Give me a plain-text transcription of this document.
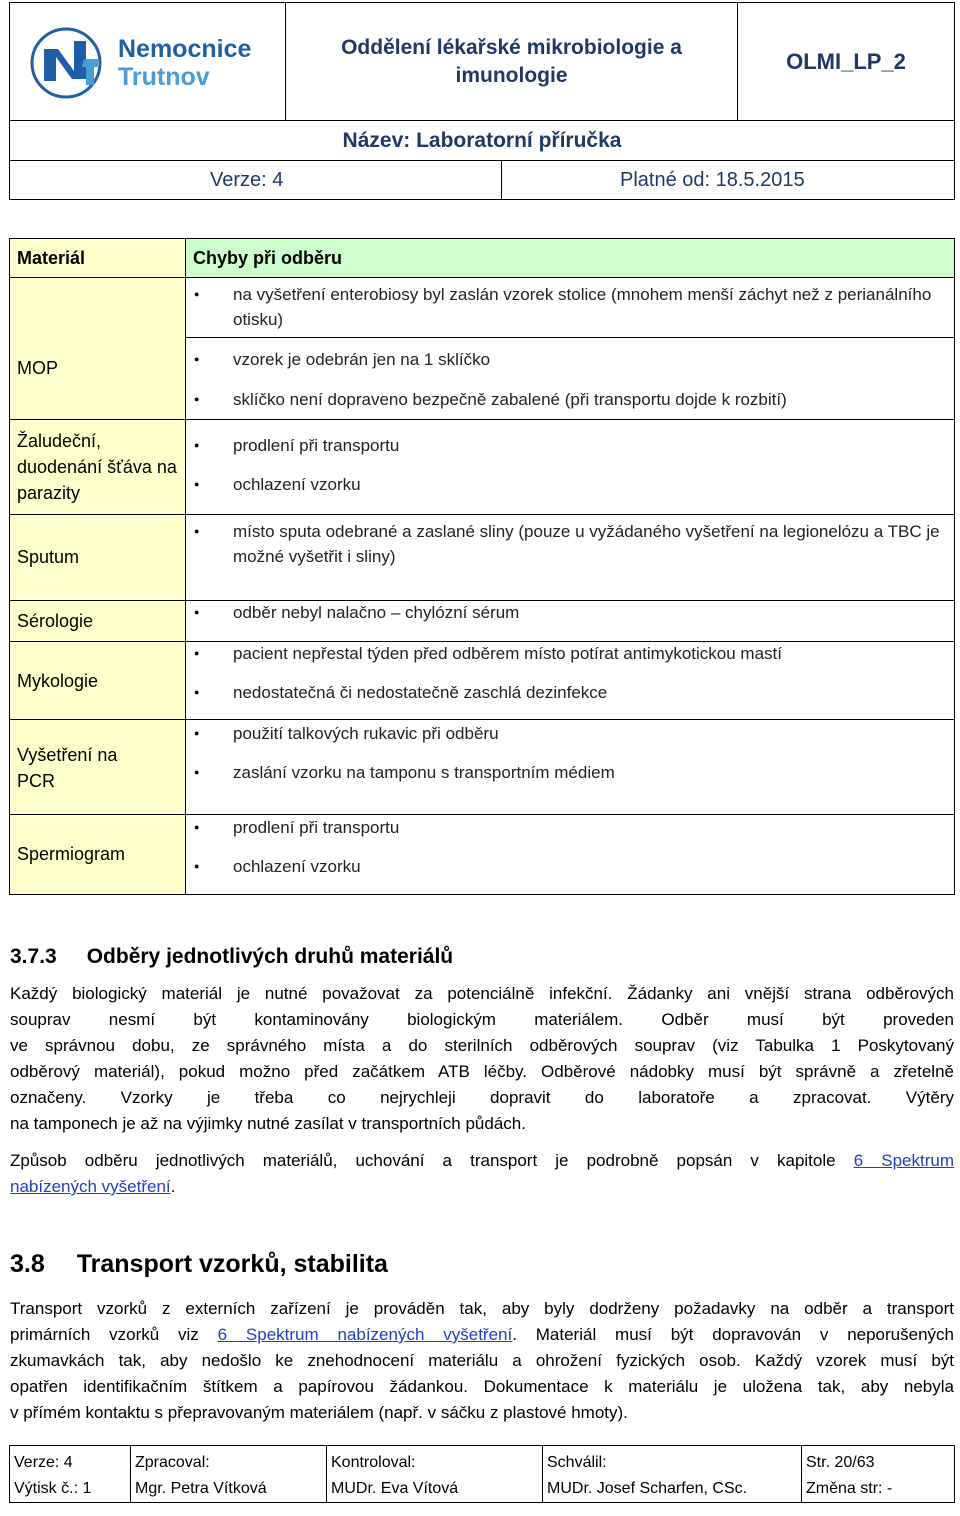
Nemocnice
Trutnov
Oddělení lékařské mikrobiologie a imunologie
OLMI_LP_2
Název: Laboratorní příručka
Verze: 4	Platné od: 18.5.2015
Materiál	Chyby při odběru
MOP
Žaludeční, duodenání šťáva na parazity
Sputum
Sérologie
Mykologie
Vyšetření na PCR
Spermiogram
● na vyšetření enterobiosy byl zaslán vzorek stolice (mnohem menší záchyt než z perianálního otisku)
● vzorek je odebrán jen na 1 sklíčko
● sklíčko není dopraveno bezpečně zabalené (při transportu dojde k rozbití)
● prodlení při transportu
● ochlazení vzorku
● místo sputa odebrané a zaslané sliny (pouze u vyžádaného vyšetření na legionelózu a TBC je možné vyšetřit i sliny)
● odběr nebyl nalačno – chylózní sérum
● pacient nepřestal týden před odběrem místo potírat antimykotickou mastí
● nedostatečná či nedostatečně zaschlá dezinfekce
● použití talkových rukavic při odběru
● zaslání vzorku na tamponu s transportním médiem
● prodlení při transportu
● ochlazení vzorku
3.7.3 Odběry jednotlivých druhů materiálů
Každý biologický materiál je nutné považovat za potenciálně infekční. Žádanky ani vnější strana odběrových
souprav nesmí být kontaminovány biologickým materiálem. Odběr musí být proveden
ve správnou dobu, ze správného místa a do sterilních odběrových souprav (viz Tabulka 1 Poskytovaný
odběrový materiál), pokud možno před začátkem ATB léčby. Odběrové nádobky musí být správně a zřetelně
označeny. Vzorky je třeba co nejrychleji dopravit do laboratoře a zpracovat. Výtěry
na tamponech je až na výjimky nutné zasílat v transportních půdách.
Způsob odběru jednotlivých materiálů, uchování a transport je podrobně popsán v kapitole 6 Spektrum
nabízených vyšetření.
3.8 Transport vzorků, stabilita
Transport vzorků z externích zařízení je prováděn tak, aby byly dodrženy požadavky na odběr a transport
primárních vzorků viz 6 Spektrum nabízených vyšetření. Materiál musí být dopravován v neporušených
zkumavkách tak, aby nedošlo ke znehodnocení materiálu a ohrožení fyzických osob. Každý vzorek musí být
opatřen identifikačním štítkem a papírovou žádankou. Dokumentace k materiálu je uložena tak, aby nebyla
v přímém kontaktu s přepravovaným materiálem (např. v sáčku z plastové hmoty).
Verze: 4
Výtisk č.: 1
Zpracoval:
Mgr. Petra Vítková
Kontroloval:
MUDr. Eva Vítová
Schválil:
MUDr. Josef Scharfen, CSc.
Str. 20/63
Změna str: -
